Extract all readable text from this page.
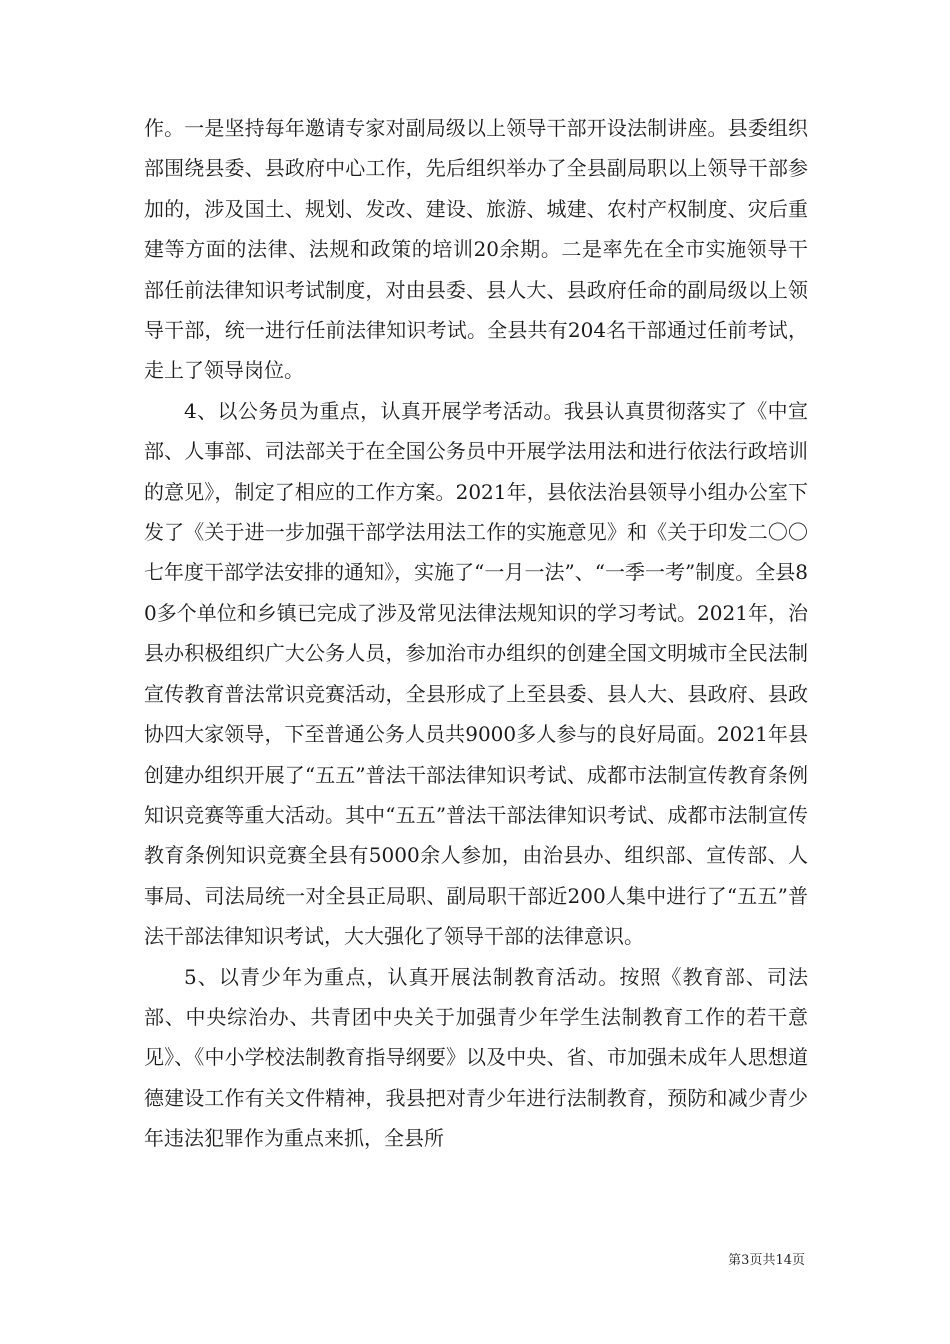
作。一是坚持每年邀请专家对副局级以上领导干部开设法制讲座。县委组织部围绕县委、县政府中心工作，先后组织举办了全县副局职以上领导干部参加的，涉及国土、规划、发改、建设、旅游、城建、农村产权制度、灾后重建等方面的法律、法规和政策的培训20余期。二是率先在全市实施领导干部任前法律知识考试制度，对由县委、县人大、县政府任命的副局级以上领导干部，统一进行任前法律知识考试。全县共有204名干部通过任前考试，走上了领导岗位。

4、以公务员为重点，认真开展学考活动。我县认真贯彻落实了《中宣部、人事部、司法部关于在全国公务员中开展学法用法和进行依法行政培训的意见》，制定了相应的工作方案。2021年，县依法治县领导小组办公室下发了《关于进一步加强干部学法用法工作的实施意见》和《关于印发二〇〇七年度干部学法安排的通知》，实施了“一月一法”、“一季一考”制度。全县80多个单位和乡镇已完成了涉及常见法律法规知识的学习考试。2021年，治县办积极组织广大公务人员，参加治市办组织的创建全国文明城市全民法制宣传教育普法常识竞赛活动，全县形成了上至县委、县人大、县政府、县政协四大家领导，下至普通公务人员共9000多人参与的良好局面。2021年县创建办组织开展了“五五”普法干部法律知识考试、成都市法制宣传教育条例知识竞赛等重大活动。其中“五五”普法干部法律知识考试、成都市法制宣传教育条例知识竞赛全县有5000余人参加，由治县办、组织部、宣传部、人事局、司法局统一对全县正局职、副局职干部近200人集中进行了“五五”普法干部法律知识考试，大大强化了领导干部的法律意识。

5、以青少年为重点，认真开展法制教育活动。按照《教育部、司法部、中央综治办、共青团中央关于加强青少年学生法制教育工作的若干意见》、《中小学校法制教育指导纲要》以及中央、省、市加强未成年人思想道德建设工作有关文件精神，我县把对青少年进行法制教育，预防和减少青少年违法犯罪作为重点来抓，全县所

第3页共14页
